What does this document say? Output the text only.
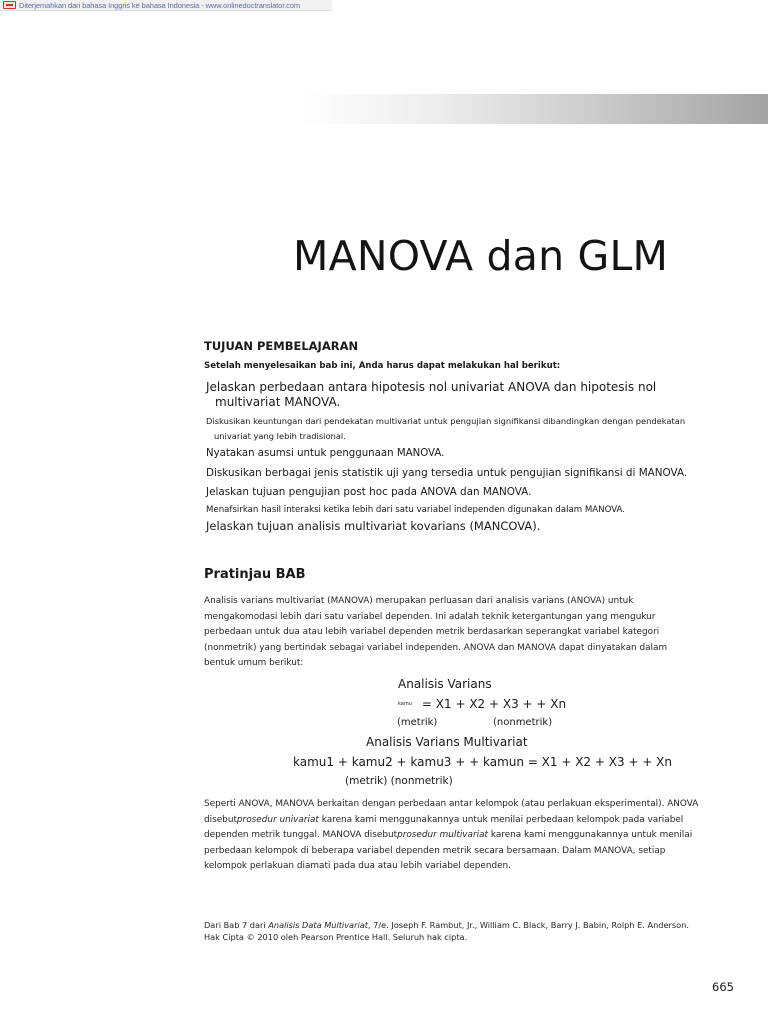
Diterjemahkan dari bahasa Inggris ke bahasa Indonesia - www.onlinedoctranslator.com
MANOVA dan GLM
TUJUAN PEMBELAJARAN
Setelah menyelesaikan bab ini, Anda harus dapat melakukan hal berikut:
Jelaskan perbedaan antara hipotesis nol univariat ANOVA dan hipotesis nol
multivariat MANOVA.
Diskusikan keuntungan dari pendekatan multivariat untuk pengujian signifikansi dibandingkan dengan pendekatan
univariat yang lebih tradisional.
Nyatakan asumsi untuk penggunaan MANOVA.
Diskusikan berbagai jenis statistik uji yang tersedia untuk pengujian signifikansi di MANOVA.
Jelaskan tujuan pengujian post hoc pada ANOVA dan MANOVA.
Menafsirkan hasil interaksi ketika lebih dari satu variabel independen digunakan dalam MANOVA.
Jelaskan tujuan analisis multivariat kovarians (MANCOVA).
Pratinjau BAB

Analisis varians multivariat (MANOVA) merupakan perluasan dari analisis varians (ANOVA) untuk mengakomodasi lebih dari satu variabel dependen. Ini adalah teknik ketergantungan yang mengukur perbedaan untuk dua atau lebih variabel dependen metrik berdasarkan seperangkat variabel kategori (nonmetrik) yang bertindak sebagai variabel independen. ANOVA dan MANOVA dapat dinyatakan dalam bentuk umum berikut:

Analisis Varians
$^{kamu}$ = X1 + X2 + X3 + + Xn
(metrik)	(nonmetrik)
Analisis Varians Multivariat
kamu1 + kamu2 + kamu3 + + kamun = X1 + X2 + X3 + + Xn
(metrik) (nonmetrik)

Seperti ANOVA, MANOVA berkaitan dengan perbedaan antar kelompok (atau perlakuan eksperimental). ANOVA disebutprosedur univariat karena kami menggunakannya untuk menilai perbedaan kelompok pada variabel dependen metrik tunggal. MANOVA disebutprosedur multivariat karena kami menggunakannya untuk menilai perbedaan kelompok di beberapa variabel dependen metrik secara bersamaan. Dalam MANOVA, setiap kelompok perlakuan diamati pada dua atau lebih variabel dependen.

Dari Bab 7 dari Analisis Data Multivariat, 7/e. Joseph F. Rambut, Jr., William C. Black, Barry J. Babin, Rolph E. Anderson. Hak Cipta © 2010 oleh Pearson Prentice Hall. Seluruh hak cipta.

665
